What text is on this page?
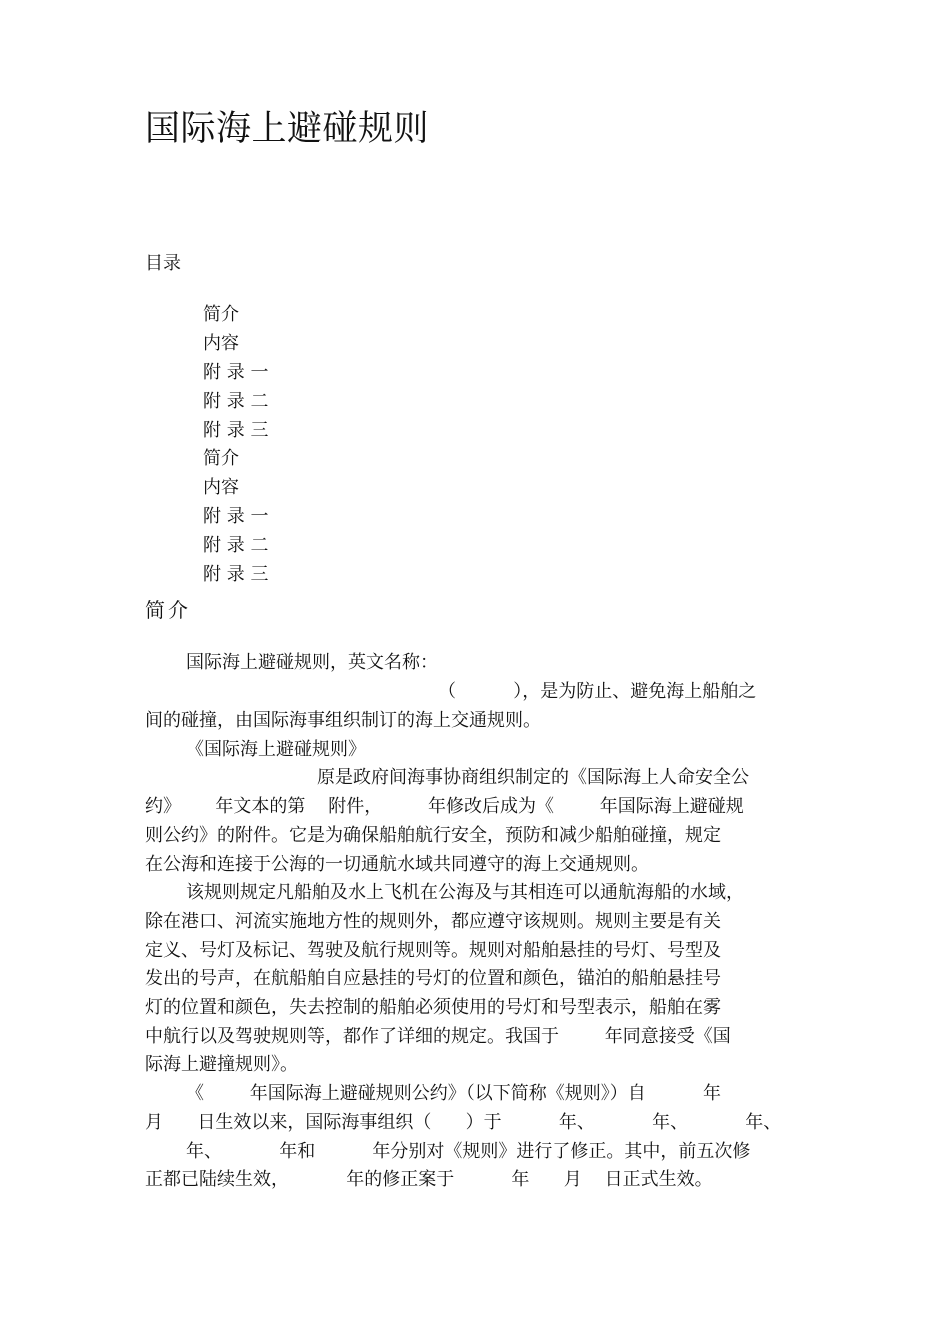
国际海上避碰规则
目录
简介
内容
附 录 一
附 录 二
附 录 三
简介
内容
附 录 一
附 录 二
附 录 三
简介
国际海上避碰规则，英文名称：
（          ），是为防止、避免海上船舶之
间的碰撞，由国际海事组织制订的海上交通规则。
《国际海上避碰规则》
原是政府间海事协商组织制定的《国际海上人命安全公
约》      年文本的第    附件，        年修改后成为《        年国际海上避碰规
则公约》的附件。它是为确保船舶航行安全，预防和减少船舶碰撞，规定
在公海和连接于公海的一切通航水域共同遵守的海上交通规则。
该规则规定凡船舶及水上飞机在公海及与其相连可以通航海船的水域，
除在港口、河流实施地方性的规则外，都应遵守该规则。规则主要是有关
定义、号灯及标记、驾驶及航行规则等。规则对船舶悬挂的号灯、号型及
发出的号声，在航船舶自应悬挂的号灯的位置和颜色，锚泊的船舶悬挂号
灯的位置和颜色，失去控制的船舶必须使用的号灯和号型表示，船舶在雾
中航行以及驾驶规则等，都作了详细的规定。我国于        年同意接受《国
际海上避撞规则》。
《        年国际海上避碰规则公约》（以下简称《规则》）自          年
月      日生效以来，国际海事组织（      ）于          年、          年、          年、
年、          年和          年分别对《规则》进行了修正。其中，前五次修
正都已陆续生效，          年的修正案于          年      月    日正式生效。
